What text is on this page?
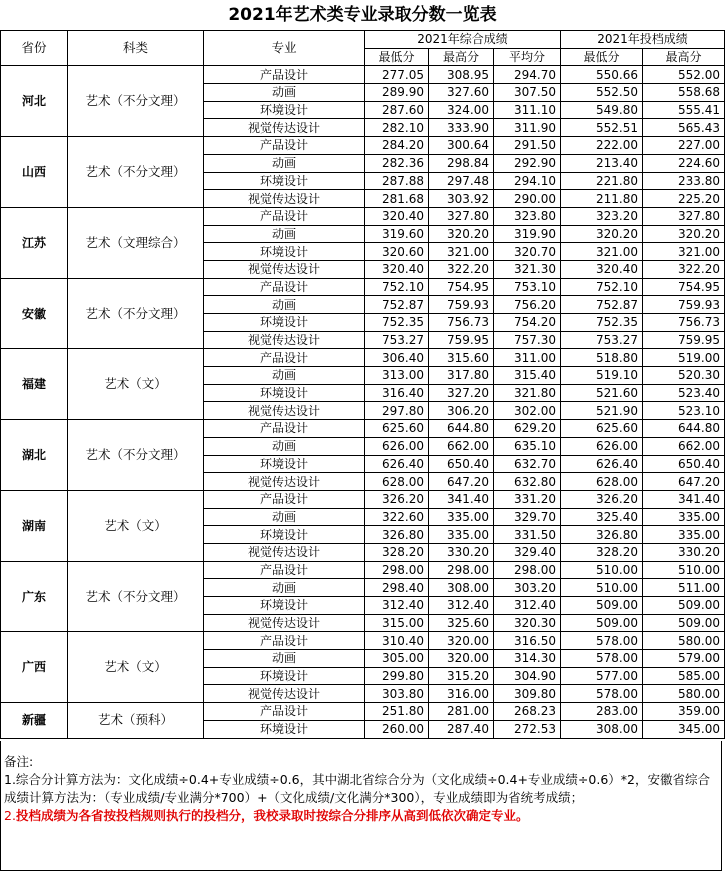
2021年艺术类专业录取分数一览表
省份	科类	专业	2021年综合成绩			2021年投档成绩	
			最低分	最高分	平均分	最低分	最高分
河北	艺术（不分文理）	产品设计	277.05	308.95	294.70	550.66	552.00
		动画	289.90	327.60	307.50	552.50	558.68
		环境设计	287.60	324.00	311.10	549.80	555.41
		视觉传达设计	282.10	333.90	311.90	552.51	565.43
山西	艺术（不分文理）	产品设计	284.20	300.64	291.50	222.00	227.00
		动画	282.36	298.84	292.90	213.40	224.60
		环境设计	287.88	297.48	294.10	221.80	233.80
		视觉传达设计	281.68	303.92	290.00	211.80	225.20
江苏	艺术（文理综合）	产品设计	320.40	327.80	323.80	323.20	327.80
		动画	319.60	320.20	319.90	320.20	320.20
		环境设计	320.60	321.00	320.70	321.00	321.00
		视觉传达设计	320.40	322.20	321.30	320.40	322.20
安徽	艺术（不分文理）	产品设计	752.10	754.95	753.10	752.10	754.95
		动画	752.87	759.93	756.20	752.87	759.93
		环境设计	752.35	756.73	754.20	752.35	756.73
		视觉传达设计	753.27	759.95	757.30	753.27	759.95
福建	艺术（文）	产品设计	306.40	315.60	311.00	518.80	519.00
		动画	313.00	317.80	315.40	519.10	520.30
		环境设计	316.40	327.20	321.80	521.60	523.40
		视觉传达设计	297.80	306.20	302.00	521.90	523.10
湖北	艺术（不分文理）	产品设计	625.60	644.80	629.20	625.60	644.80
		动画	626.00	662.00	635.10	626.00	662.00
		环境设计	626.40	650.40	632.70	626.40	650.40
		视觉传达设计	628.00	647.20	632.80	628.00	647.20
湖南	艺术（文）	产品设计	326.20	341.40	331.20	326.20	341.40
		动画	322.60	335.00	329.70	325.40	335.00
		环境设计	326.80	335.00	331.50	326.80	335.00
		视觉传达设计	328.20	330.20	329.40	328.20	330.20
广东	艺术（不分文理）	产品设计	298.00	298.00	298.00	510.00	510.00
		动画	298.40	308.00	303.20	510.00	511.00
		环境设计	312.40	312.40	312.40	509.00	509.00
		视觉传达设计	315.00	325.60	320.30	509.00	509.00
广西	艺术（文）	产品设计	310.40	320.00	316.50	578.00	580.00
		动画	305.00	320.00	314.30	578.00	579.00
		环境设计	299.80	315.20	304.90	577.00	585.00
		视觉传达设计	303.80	316.00	309.80	578.00	580.00
新疆	艺术（预科）	产品设计	251.80	281.00	268.23	283.00	359.00
		环境设计	260.00	287.40	272.53	308.00	345.00
备注:
1.综合分计算方法为：文化成绩÷0.4+专业成绩÷0.6，其中湖北省综合分为（文化成绩÷0.4+专业成绩÷0.6）*2，安徽省综合成绩计算方法为：（专业成绩/专业满分*700）+（文化成绩/文化满分*300），专业成绩即为省统考成绩；
2.投档成绩为各省按投档规则执行的投档分，我校录取时按综合分排序从高到低依次确定专业。
